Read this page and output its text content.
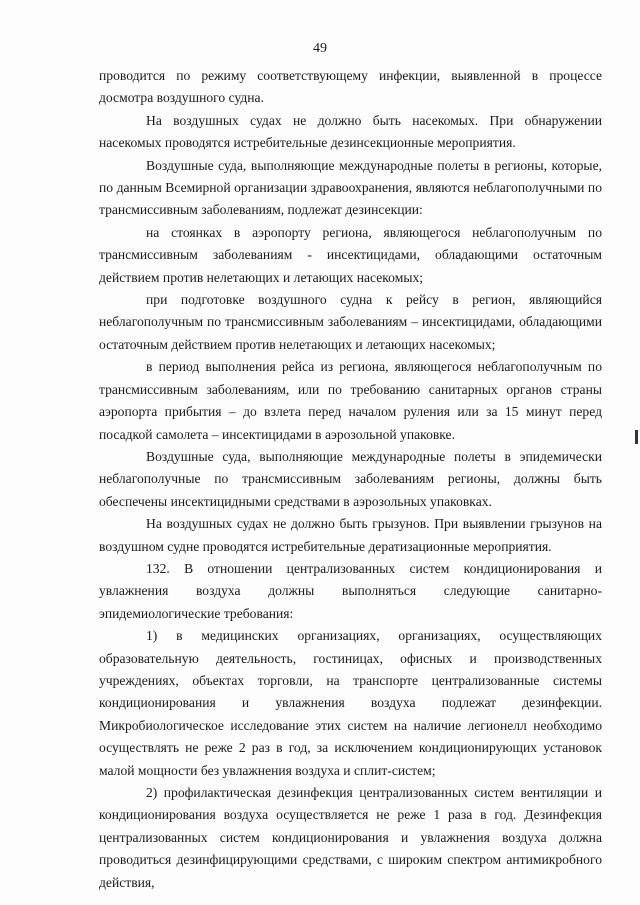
49

проводится по режиму соответствующему инфекции, выявленной в процессе досмотра воздушного судна.

На воздушных судах не должно быть насекомых. При обнаружении насекомых проводятся истребительные дезинсекционные мероприятия.

Воздушные суда, выполняющие международные полеты в регионы, которые, по данным Всемирной организации здравоохранения, являются неблагополучными по трансмиссивным заболеваниям, подлежат дезинсекции:

на стоянках в аэропорту региона, являющегося неблагополучным по трансмиссивным заболеваниям - инсектицидами, обладающими остаточным действием против нелетающих и летающих насекомых;

при подготовке воздушного судна к рейсу в регион, являющийся неблагополучным по трансмиссивным заболеваниям – инсектицидами, обладающими остаточным действием против нелетающих и летающих насекомых;

в период выполнения рейса из региона, являющегося неблагополучным по трансмиссивным заболеваниям, или по требованию санитарных органов страны аэропорта прибытия – до взлета перед началом руления или за 15 минут перед посадкой самолета – инсектицидами в аэрозольной упаковке.

Воздушные суда, выполняющие международные полеты в эпидемически неблагополучные по трансмиссивным заболеваниям регионы, должны быть обеспечены инсектицидными средствами в аэрозольных упаковках.

На воздушных судах не должно быть грызунов. При выявлении грызунов на воздушном судне проводятся истребительные дератизационные мероприятия.

132. В отношении централизованных систем кондиционирования и увлажнения воздуха должны выполняться следующие санитарно-эпидемиологические требования:

1) в медицинских организациях, организациях, осуществляющих образовательную деятельность, гостиницах, офисных и производственных учреждениях, объектах торговли, на транспорте централизованные системы кондиционирования и увлажнения воздуха подлежат дезинфекции. Микробиологическое исследование этих систем на наличие легионелл необходимо осуществлять не реже 2 раз в год, за исключением кондиционирующих установок малой мощности без увлажнения воздуха и сплит-систем;

2) профилактическая дезинфекция централизованных систем вентиляции и кондиционирования воздуха осуществляется не реже 1 раза в год. Дезинфекция централизованных систем кондиционирования и увлажнения воздуха должна проводиться дезинфицирующими средствами, с широким спектром антимикробного действия,
